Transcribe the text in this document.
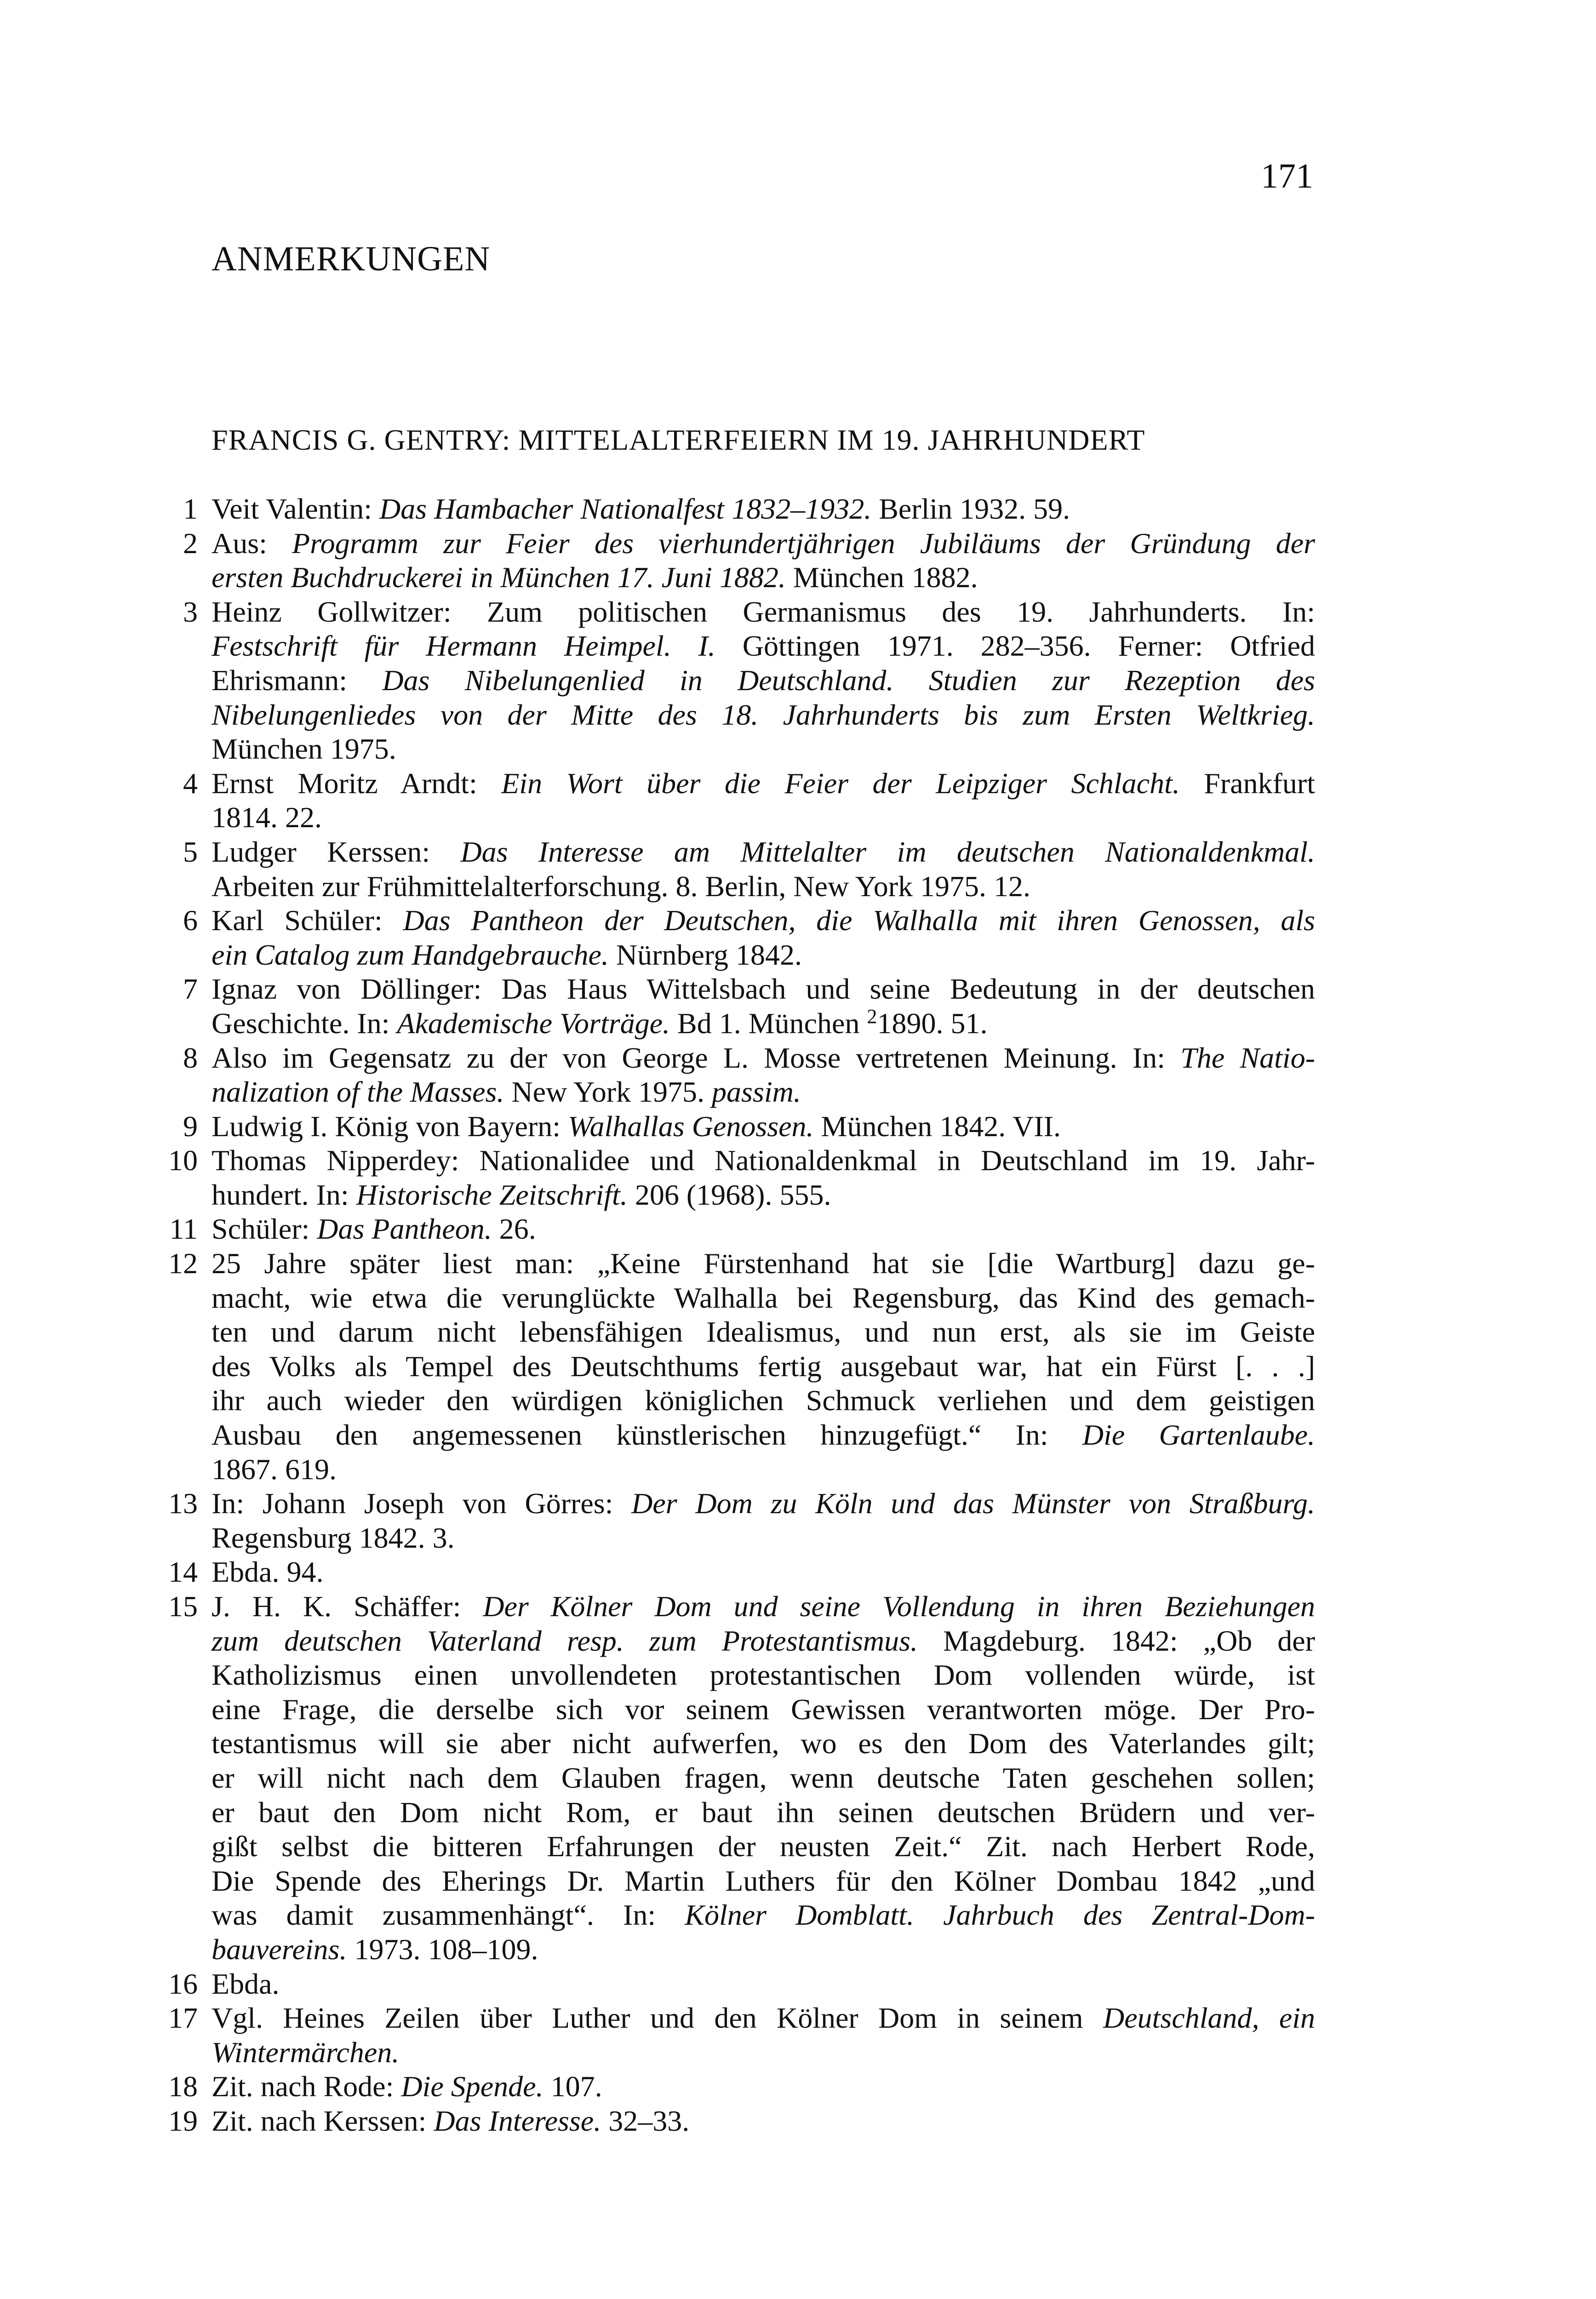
171
ANMERKUNGEN
FRANCIS G. GENTRY: MITTELALTERFEIERN IM 19. JAHRHUNDERT
1 Veit Valentin: Das Hambacher Nationalfest 1832–1932. Berlin 1932. 59.
2 Aus: Programm zur Feier des vierhundertjährigen Jubiläums der Gründung der
ersten Buchdruckerei in München 17. Juni 1882. München 1882.
3 Heinz Gollwitzer: Zum politischen Germanismus des 19. Jahrhunderts. In:
Festschrift für Hermann Heimpel. I. Göttingen 1971. 282–356. Ferner: Otfried
Ehrismann: Das Nibelungenlied in Deutschland. Studien zur Rezeption des
Nibelungenliedes von der Mitte des 18. Jahrhunderts bis zum Ersten Weltkrieg.
München 1975.
4 Ernst Moritz Arndt: Ein Wort über die Feier der Leipziger Schlacht. Frankfurt
1814. 22.
5 Ludger Kerssen: Das Interesse am Mittelalter im deutschen Nationaldenkmal.
Arbeiten zur Frühmittelalterforschung. 8. Berlin, New York 1975. 12.
6 Karl Schüler: Das Pantheon der Deutschen, die Walhalla mit ihren Genossen, als
ein Catalog zum Handgebrauche. Nürnberg 1842.
7 Ignaz von Döllinger: Das Haus Wittelsbach und seine Bedeutung in der deutschen
Geschichte. In: Akademische Vorträge. Bd 1. München $^2$1890. 51.
8 Also im Gegensatz zu der von George L. Mosse vertretenen Meinung. In: The Natio-
nalization of the Masses. New York 1975. passim.
9 Ludwig I. König von Bayern: Walhallas Genossen. München 1842. VII.
10 Thomas Nipperdey: Nationalidee und Nationaldenkmal in Deutschland im 19. Jahr-
hundert. In: Historische Zeitschrift. 206 (1968). 555.
11 Schüler: Das Pantheon. 26.
12 25 Jahre später liest man: „Keine Fürstenhand hat sie [die Wartburg] dazu ge-
macht, wie etwa die verunglückte Walhalla bei Regensburg, das Kind des gemach-
ten und darum nicht lebensfähigen Idealismus, und nun erst, als sie im Geiste
des Volks als Tempel des Deutschthums fertig ausgebaut war, hat ein Fürst [. . .]
ihr auch wieder den würdigen königlichen Schmuck verliehen und dem geistigen
Ausbau den angemessenen künstlerischen hinzugefügt.“ In: Die Gartenlaube.
1867. 619.
13 In: Johann Joseph von Görres: Der Dom zu Köln und das Münster von Straßburg.
Regensburg 1842. 3.
14 Ebda. 94.
15 J. H. K. Schäffer: Der Kölner Dom und seine Vollendung in ihren Beziehungen
zum deutschen Vaterland resp. zum Protestantismus. Magdeburg. 1842: „Ob der
Katholizismus einen unvollendeten protestantischen Dom vollenden würde, ist
eine Frage, die derselbe sich vor seinem Gewissen verantworten möge. Der Pro-
testantismus will sie aber nicht aufwerfen, wo es den Dom des Vaterlandes gilt;
er will nicht nach dem Glauben fragen, wenn deutsche Taten geschehen sollen;
er baut den Dom nicht Rom, er baut ihn seinen deutschen Brüdern und ver-
gißt selbst die bitteren Erfahrungen der neusten Zeit.“ Zit. nach Herbert Rode,
Die Spende des Eherings Dr. Martin Luthers für den Kölner Dombau 1842 „und
was damit zusammenhängt“. In: Kölner Domblatt. Jahrbuch des Zentral-Dom-
bauvereins. 1973. 108–109.
16 Ebda.
17 Vgl. Heines Zeilen über Luther und den Kölner Dom in seinem Deutschland, ein
Wintermärchen.
18 Zit. nach Rode: Die Spende. 107.
19 Zit. nach Kerssen: Das Interesse. 32–33.
